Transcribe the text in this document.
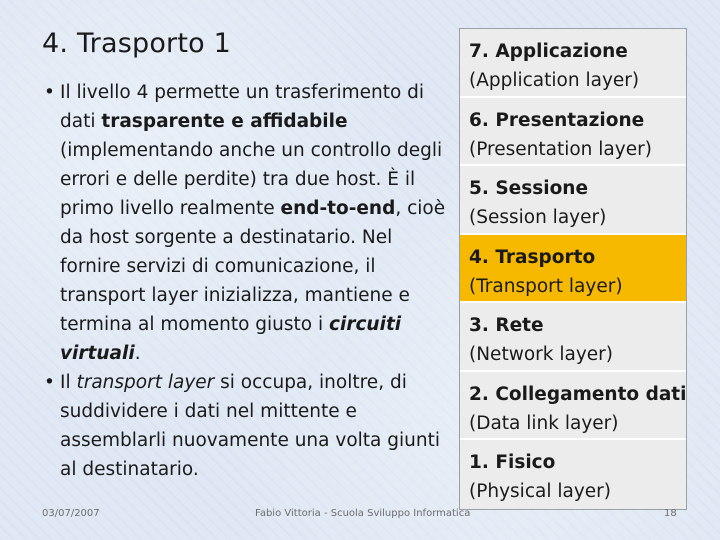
4. Trasporto 1
• Il livello 4 permette un trasferimento di dati trasparente e affidabile (implementando anche un controllo degli errori e delle perdite) tra due host. È il primo livello realmente end-to-end, cioè da host sorgente a destinatario. Nel fornire servizi di comunicazione, il transport layer inizializza, mantiene e termina al momento giusto i circuiti virtuali.
• Il transport layer si occupa, inoltre, di suddividere i dati nel mittente e assemblarli nuovamente una volta giunti al destinatario.
7. Applicazione
(Application layer)
6. Presentazione
(Presentation layer)
5. Sessione
(Session layer)
4. Trasporto
(Transport layer)
3. Rete
(Network layer)
2. Collegamento dati
(Data link layer)
1. Fisico
(Physical layer)
03/07/2007	Fabio Vittoria - Scuola Sviluppo Informatica	18
